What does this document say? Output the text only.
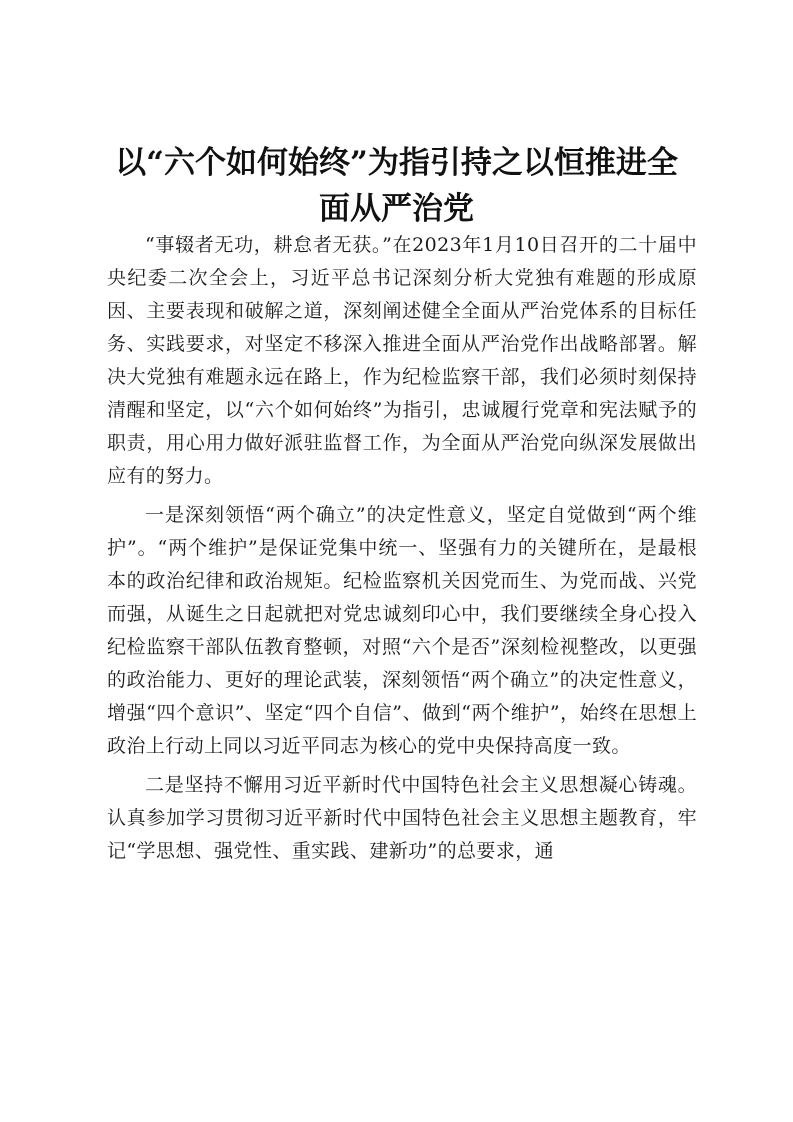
以“六个如何始终”为指引持之以恒推进全面从严治党

“事辍者无功，耕怠者无获。”在2023年1月10日召开的二十届中央纪委二次全会上，习近平总书记深刻分析大党独有难题的形成原因、主要表现和破解之道，深刻阐述健全全面从严治党体系的目标任务、实践要求，对坚定不移深入推进全面从严治党作出战略部署。解决大党独有难题永远在路上，作为纪检监察干部，我们必须时刻保持清醒和坚定，以“六个如何始终”为指引，忠诚履行党章和宪法赋予的职责，用心用力做好派驻监督工作，为全面从严治党向纵深发展做出应有的努力。

一是深刻领悟“两个确立”的决定性意义，坚定自觉做到“两个维护”。“两个维护”是保证党集中统一、坚强有力的关键所在，是最根本的政治纪律和政治规矩。纪检监察机关因党而生、为党而战、兴党而强，从诞生之日起就把对党忠诚刻印心中，我们要继续全身心投入纪检监察干部队伍教育整顿，对照“六个是否”深刻检视整改，以更强的政治能力、更好的理论武装，深刻领悟“两个确立”的决定性意义，增强“四个意识”、坚定“四个自信”、做到“两个维护”，始终在思想上政治上行动上同以习近平同志为核心的党中央保持高度一致。

二是坚持不懈用习近平新时代中国特色社会主义思想凝心铸魂。认真参加学习贯彻习近平新时代中国特色社会主义思想主题教育，牢记“学思想、强党性、重实践、建新功”的总要求，通
